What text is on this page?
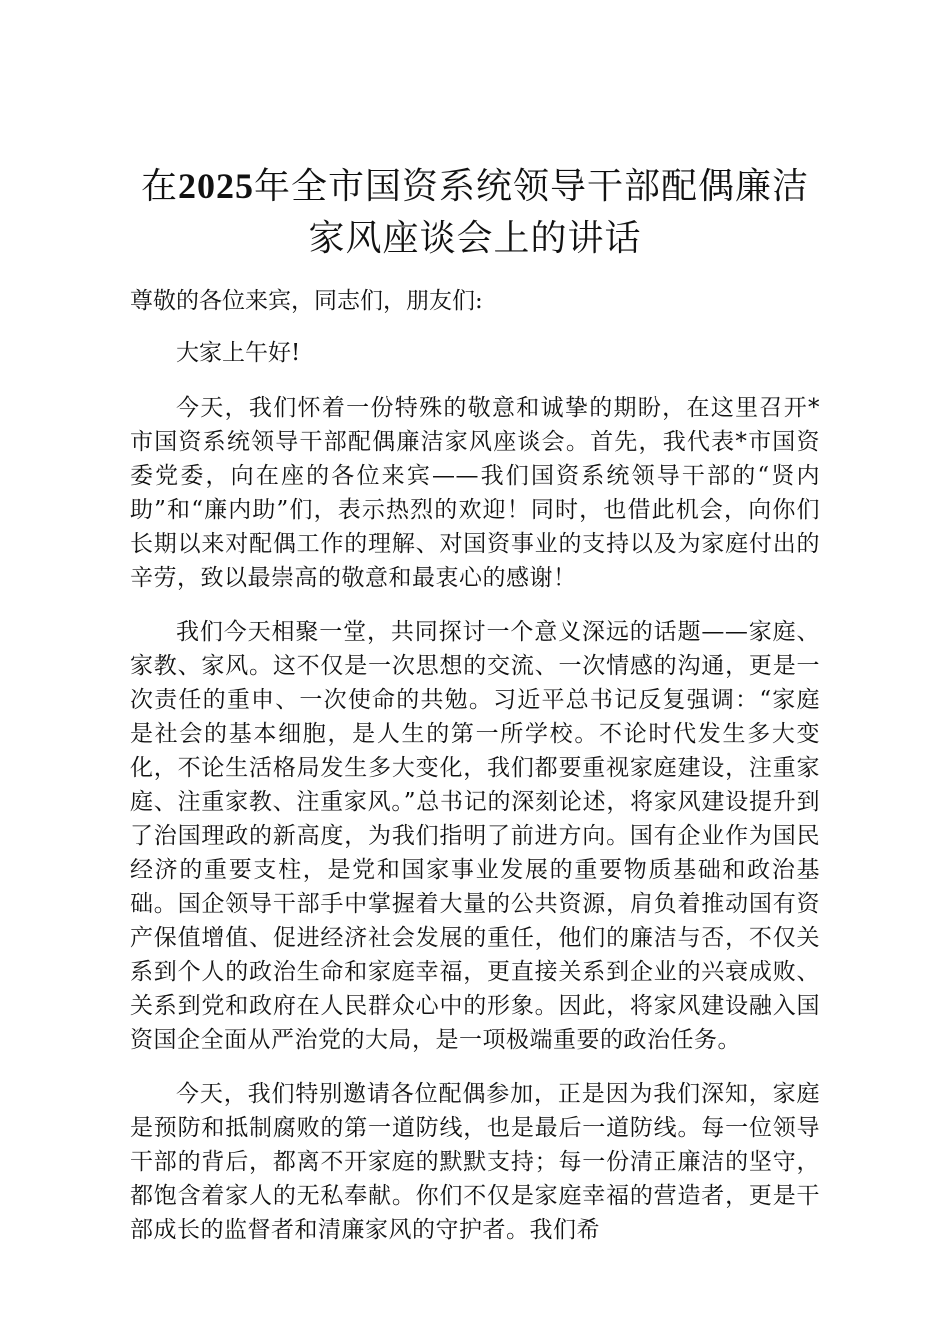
在2025年全市国资系统领导干部配偶廉洁家风座谈会上的讲话

尊敬的各位来宾，同志们，朋友们:

大家上午好!

今天，我们怀着一份特殊的敬意和诚挚的期盼，在这里召开*市国资系统领导干部配偶廉洁家风座谈会。首先，我代表*市国资委党委，向在座的各位来宾——我们国资系统领导干部的“贤内助”和“廉内助”们，表示热烈的欢迎！同时，也借此机会，向你们长期以来对配偶工作的理解、对国资事业的支持以及为家庭付出的辛劳，致以最崇高的敬意和最衷心的感谢！

我们今天相聚一堂，共同探讨一个意义深远的话题——家庭、家教、家风。这不仅是一次思想的交流、一次情感的沟通，更是一次责任的重申、一次使命的共勉。习近平总书记反复强调：“家庭是社会的基本细胞，是人生的第一所学校。不论时代发生多大变化，不论生活格局发生多大变化，我们都要重视家庭建设，注重家庭、注重家教、注重家风。”总书记的深刻论述，将家风建设提升到了治国理政的新高度，为我们指明了前进方向。国有企业作为国民经济的重要支柱，是党和国家事业发展的重要物质基础和政治基础。国企领导干部手中掌握着大量的公共资源，肩负着推动国有资产保值增值、促进经济社会发展的重任，他们的廉洁与否，不仅关系到个人的政治生命和家庭幸福，更直接关系到企业的兴衰成败、关系到党和政府在人民群众心中的形象。因此，将家风建设融入国资国企全面从严治党的大局，是一项极端重要的政治任务。

今天，我们特别邀请各位配偶参加，正是因为我们深知，家庭是预防和抵制腐败的第一道防线，也是最后一道防线。每一位领导干部的背后，都离不开家庭的默默支持；每一份清正廉洁的坚守，都饱含着家人的无私奉献。你们不仅是家庭幸福的营造者，更是干部成长的监督者和清廉家风的守护者。我们希
